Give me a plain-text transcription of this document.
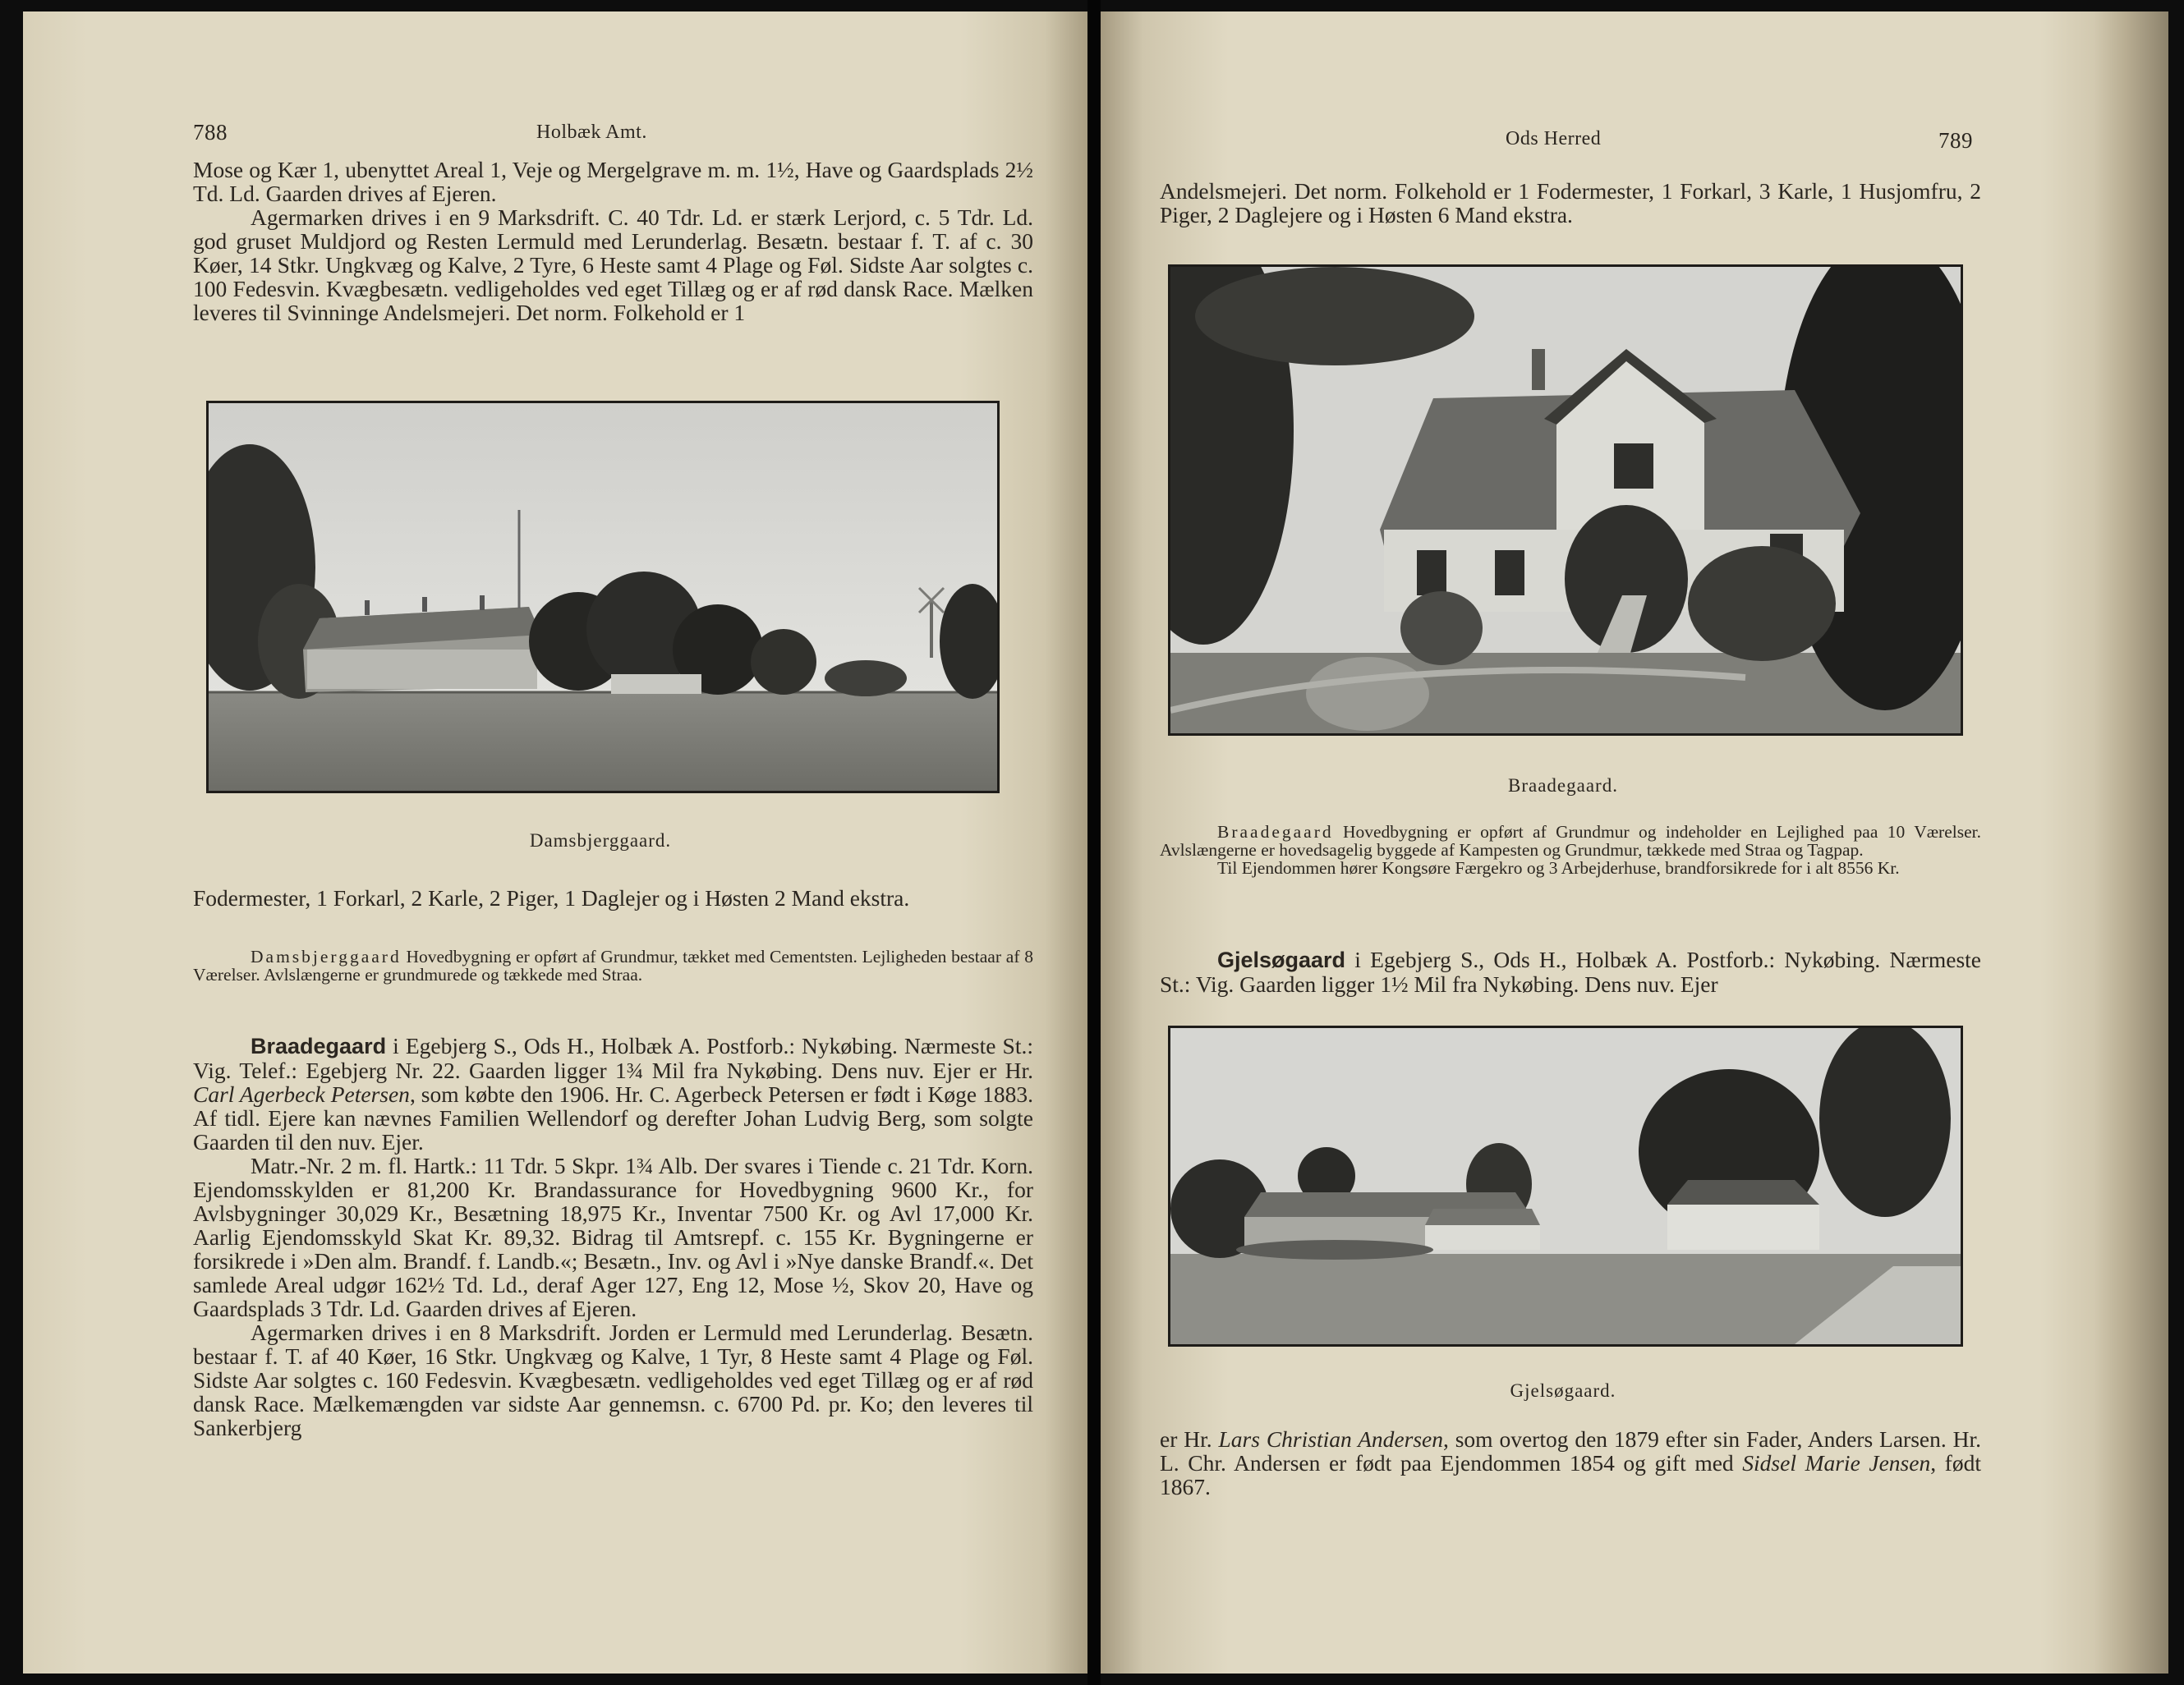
788	Holbæk Amt.

Mose og Kær 1, ubenyttet Areal 1, Veje og Mergelgrave m. m. 1½, Have og Gaardsplads 2½ Td. Ld. Gaarden drives af Ejeren.

Agermarken drives i en 9 Marksdrift. C. 40 Tdr. Ld. er stærk Lerjord, c. 5 Tdr. Ld. god gruset Muldjord og Resten Lermuld med Lerunderlag. Besætn. bestaar f. T. af c. 30 Køer, 14 Stkr. Ungkvæg og Kalve, 2 Tyre, 6 Heste samt 4 Plage og Føl. Sidste Aar solgtes c. 100 Fedesvin. Kvægbesætn. vedligeholdes ved eget Tillæg og er af rød dansk Race. Mælken leveres til Svinninge Andelsmejeri. Det norm. Folkehold er 1

Damsbjerggaard.

Fodermester, 1 Forkarl, 2 Karle, 2 Piger, 1 Daglejer og i Høsten 2 Mand ekstra.

Damsbjerggaard Hovedbygning er opført af Grundmur, tækket med Cementsten. Lejligheden bestaar af 8 Værelser. Avlslængerne er grundmurede og tækkede med Straa.

Braadegaard i Egebjerg S., Ods H., Holbæk A. Postforb.: Nykøbing. Nærmeste St.: Vig. Telef.: Egebjerg Nr. 22. Gaarden ligger 1¾ Mil fra Nykøbing. Dens nuv. Ejer er Hr. Carl Agerbeck Petersen, som købte den 1906. Hr. C. Agerbeck Petersen er født i Køge 1883. Af tidl. Ejere kan nævnes Familien Wellendorf og derefter Johan Ludvig Berg, som solgte Gaarden til den nuv. Ejer.

Matr.-Nr. 2 m. fl. Hartk.: 11 Tdr. 5 Skpr. 1¾ Alb. Der svares i Tiende c. 21 Tdr. Korn. Ejendomsskylden er 81,200 Kr. Brandassurance for Hovedbygning 9600 Kr., for Avlsbygninger 30,029 Kr., Besætning 18,975 Kr., Inventar 7500 Kr. og Avl 17,000 Kr. Aarlig Ejendomsskyld Skat Kr. 89,32. Bidrag til Amtsrepf. c. 155 Kr. Bygningerne er forsikrede i »Den alm. Brandf. f. Landb.«; Besætn., Inv. og Avl i »Nye danske Brandf.«. Det samlede Areal udgør 162½ Td. Ld., deraf Ager 127, Eng 12, Mose ½, Skov 20, Have og Gaardsplads 3 Tdr. Ld. Gaarden drives af Ejeren.

Agermarken drives i en 8 Marksdrift. Jorden er Lermuld med Lerunderlag. Besætn. bestaar f. T. af 40 Køer, 16 Stkr. Ungkvæg og Kalve, 1 Tyr, 8 Heste samt 4 Plage og Føl. Sidste Aar solgtes c. 160 Fedesvin. Kvægbesætn. vedligeholdes ved eget Tillæg og er af rød dansk Race. Mælkemængden var sidste Aar gennemsn. c. 6700 Pd. pr. Ko; den leveres til Sankerbjerg

Ods Herred	789

Andelsmejeri. Det norm. Folkehold er 1 Fodermester, 1 Forkarl, 3 Karle, 1 Husjomfru, 2 Piger, 2 Daglejere og i Høsten 6 Mand ekstra.

Braadegaard.

Braadegaard Hovedbygning er opført af Grundmur og indeholder en Lejlighed paa 10 Værelser. Avlslængerne er hovedsagelig byggede af Kampesten og Grundmur, tækkede med Straa og Tagpap.

Til Ejendommen hører Kongsøre Færgekro og 3 Arbejderhuse, brandforsikrede for i alt 8556 Kr.

Gjelsøgaard i Egebjerg S., Ods H., Holbæk A. Postforb.: Nykøbing. Nærmeste St.: Vig. Gaarden ligger 1½ Mil fra Nykøbing. Dens nuv. Ejer

Gjelsøgaard.

er Hr. Lars Christian Andersen, som overtog den 1879 efter sin Fader, Anders Larsen. Hr. L. Chr. Andersen er født paa Ejendommen 1854 og gift med Sidsel Marie Jensen, født 1867.
